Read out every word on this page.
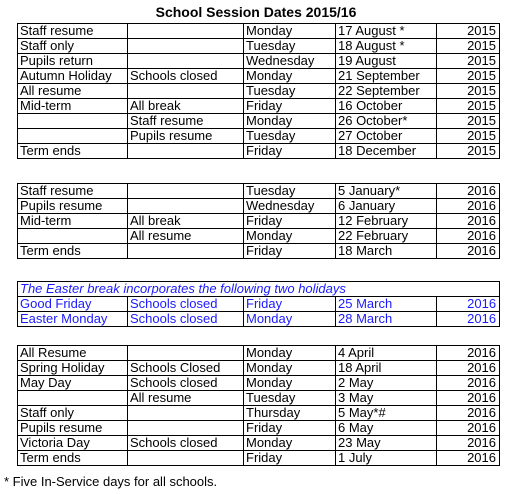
School Session Dates 2015/16
Staff resume		Monday	17 August *	2015
Staff only		Tuesday	18 August *	2015
Pupils return		Wednesday	19 August	2015
Autumn Holiday	Schools closed	Monday	21 September	2015
All resume		Tuesday	22 September	2015
Mid-term	All break	Friday	16 October	2015
	Staff resume	Monday	26 October*	2015
	Pupils resume	Tuesday	27 October	2015
Term ends		Friday	18 December	2015
Staff resume		Tuesday	5 January*	2016
Pupils resume		Wednesday	6 January	2016
Mid-term	All break	Friday	12 February	2016
	All resume	Monday	22 February	2016
Term ends		Friday	18 March	2016
The Easter break incorporates the following two holidays				
Good Friday	Schools closed	Friday	25 March	2016
Easter Monday	Schools closed	Monday	28 March	2016
All Resume		Monday	4 April	2016
Spring Holiday	Schools Closed	Monday	18 April	2016
May Day	Schools closed	Monday	2 May	2016
	All resume	Tuesday	3 May	2016
Staff only		Thursday	5 May*#	2016
Pupils resume		Friday	6 May	2016
Victoria Day	Schools closed	Monday	23 May	2016
Term ends		Friday	1 July	2016
* Five In-Service days for all schools.
